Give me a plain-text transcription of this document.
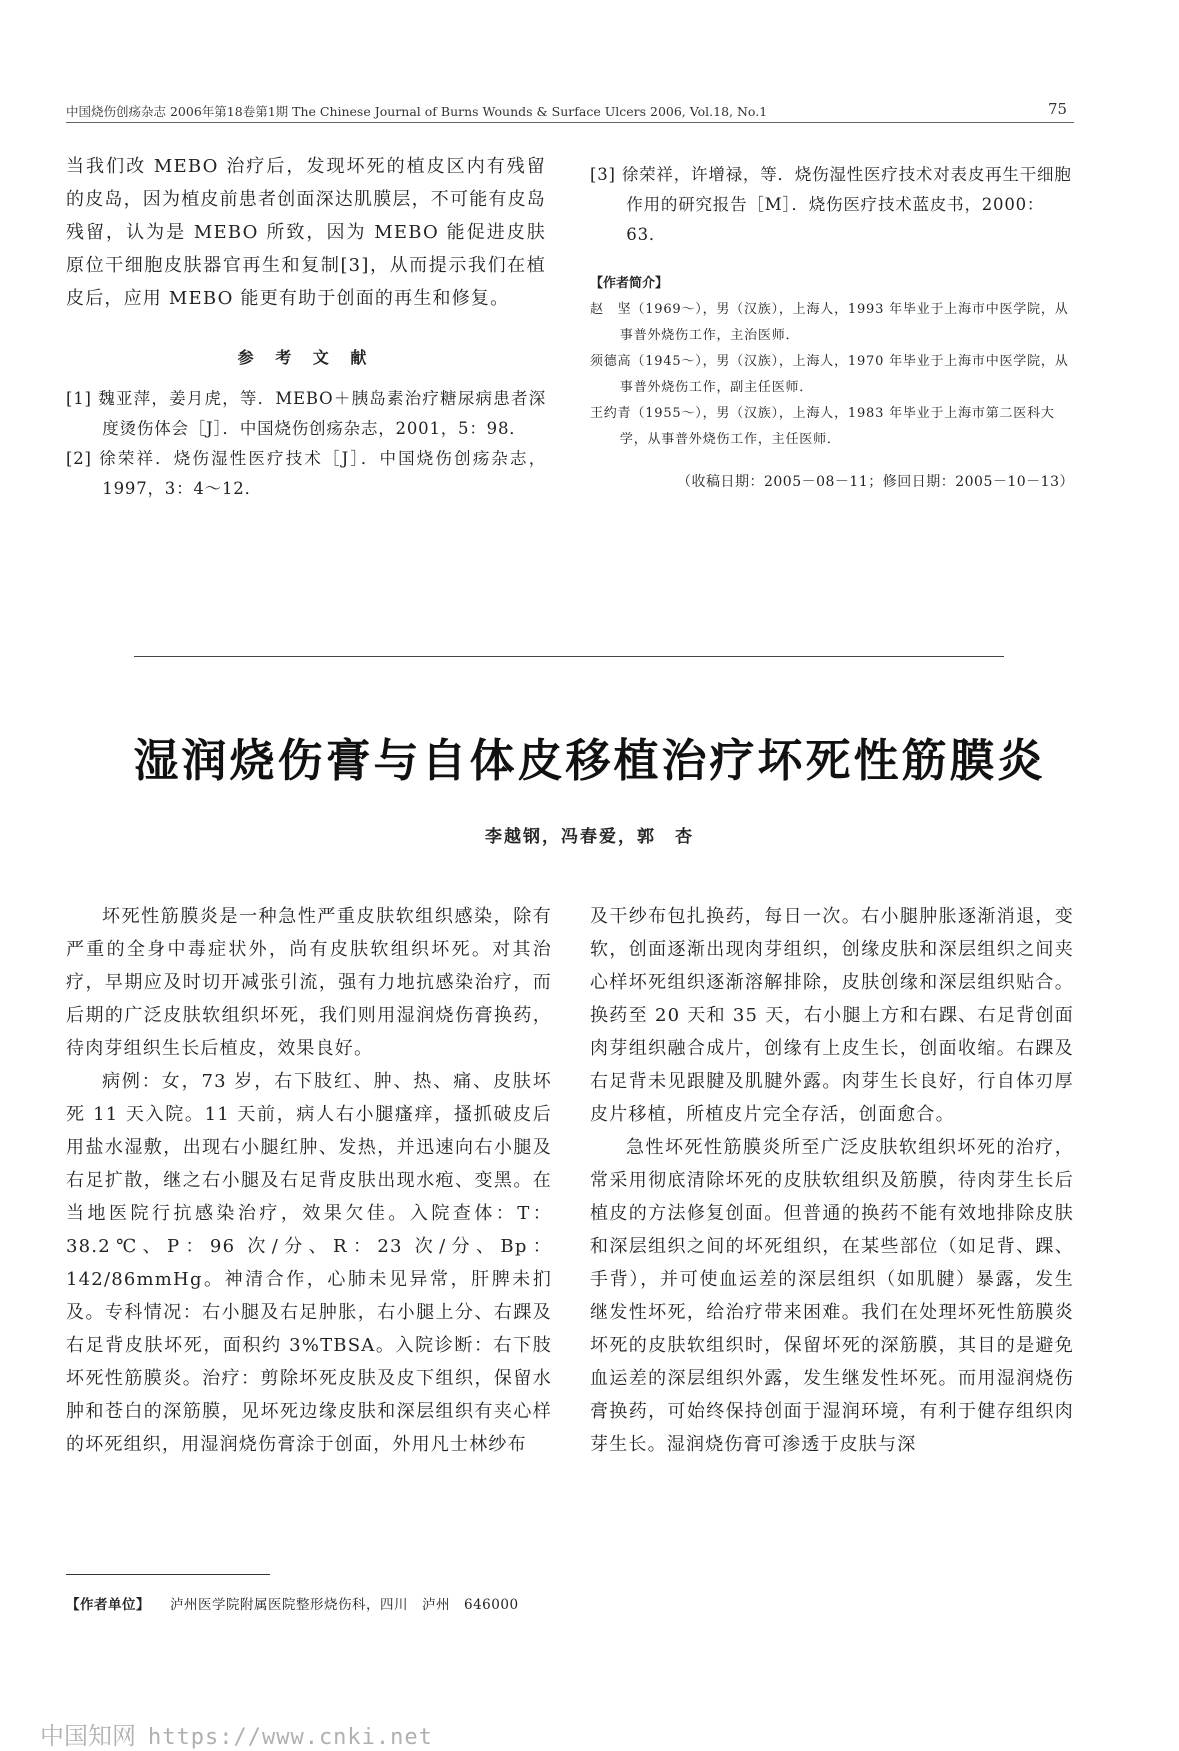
中国烧伤创疡杂志 2006年第18卷第1期 The Chinese Journal of Burns Wounds & Surface Ulcers 2006, Vol.18, No.1	75

当我们改 MEBO 治疗后，发现坏死的植皮区内有残留的皮岛，因为植皮前患者创面深达肌膜层，不可能有皮岛残留，认为是 MEBO 所致，因为 MEBO 能促进皮肤原位干细胞皮肤器官再生和复制[3]，从而提示我们在植皮后，应用 MEBO 能更有助于创面的再生和修复。

参 考 文 献

[1] 魏亚萍，姜月虎，等．MEBO＋胰岛素治疗糖尿病患者深度烫伤体会［J］．中国烧伤创疡杂志，2001，5：98．

[2] 徐荣祥．烧伤湿性医疗技术［J］．中国烧伤创疡杂志，1997，3：4～12．

[3] 徐荣祥，许增禄，等．烧伤湿性医疗技术对表皮再生干细胞作用的研究报告［M］．烧伤医疗技术蓝皮书，2000：63．

【作者简介】

赵　坚（1969～），男（汉族），上海人，1993 年毕业于上海市中医学院，从事普外烧伤工作，主治医师．

须德高（1945～），男（汉族），上海人，1970 年毕业于上海市中医学院，从事普外烧伤工作，副主任医师．

王约青（1955～），男（汉族），上海人，1983 年毕业于上海市第二医科大学，从事普外烧伤工作，主任医师．

（收稿日期：2005－08－11；修回日期：2005－10－13）
湿润烧伤膏与自体皮移植治疗坏死性筋膜炎
李越钢，冯春爱，郭　杏

坏死性筋膜炎是一种急性严重皮肤软组织感染，除有严重的全身中毒症状外，尚有皮肤软组织坏死。对其治疗，早期应及时切开减张引流，强有力地抗感染治疗，而后期的广泛皮肤软组织坏死，我们则用湿润烧伤膏换药，待肉芽组织生长后植皮，效果良好。

病例：女，73 岁，右下肢红、肿、热、痛、皮肤坏死 11 天入院。11 天前，病人右小腿瘙痒，搔抓破皮后用盐水湿敷，出现右小腿红肿、发热，并迅速向右小腿及右足扩散，继之右小腿及右足背皮肤出现水疱、变黑。在当地医院行抗感染治疗，效果欠佳。入院查体：T：38.2℃、P：96 次/分、R：23 次/分、Bp：142/86mmHg。神清合作，心肺未见异常，肝脾未扪及。专科情况：右小腿及右足肿胀，右小腿上分、右踝及右足背皮肤坏死，面积约 3%TBSA。入院诊断：右下肢坏死性筋膜炎。治疗：剪除坏死皮肤及皮下组织，保留水肿和苍白的深筋膜，见坏死边缘皮肤和深层组织有夹心样的坏死组织，用湿润烧伤膏涂于创面，外用凡士林纱布

及干纱布包扎换药，每日一次。右小腿肿胀逐渐消退，变软，创面逐渐出现肉芽组织，创缘皮肤和深层组织之间夹心样坏死组织逐渐溶解排除，皮肤创缘和深层组织贴合。换药至 20 天和 35 天，右小腿上方和右踝、右足背创面肉芽组织融合成片，创缘有上皮生长，创面收缩。右踝及右足背未见跟腱及肌腱外露。肉芽生长良好，行自体刃厚皮片移植，所植皮片完全存活，创面愈合。

急性坏死性筋膜炎所至广泛皮肤软组织坏死的治疗，常采用彻底清除坏死的皮肤软组织及筋膜，待肉芽生长后植皮的方法修复创面。但普通的换药不能有效地排除皮肤和深层组织之间的坏死组织，在某些部位（如足背、踝、手背），并可使血运差的深层组织（如肌腱）暴露，发生继发性坏死，给治疗带来困难。我们在处理坏死性筋膜炎坏死的皮肤软组织时，保留坏死的深筋膜，其目的是避免血运差的深层组织外露，发生继发性坏死。而用湿润烧伤膏换药，可始终保持创面于湿润环境，有利于健存组织肉芽生长。湿润烧伤膏可渗透于皮肤与深

【作者单位】 泸州医学院附属医院整形烧伤科，四川　泸州　646000
中国知网 https://www.cnki.net
